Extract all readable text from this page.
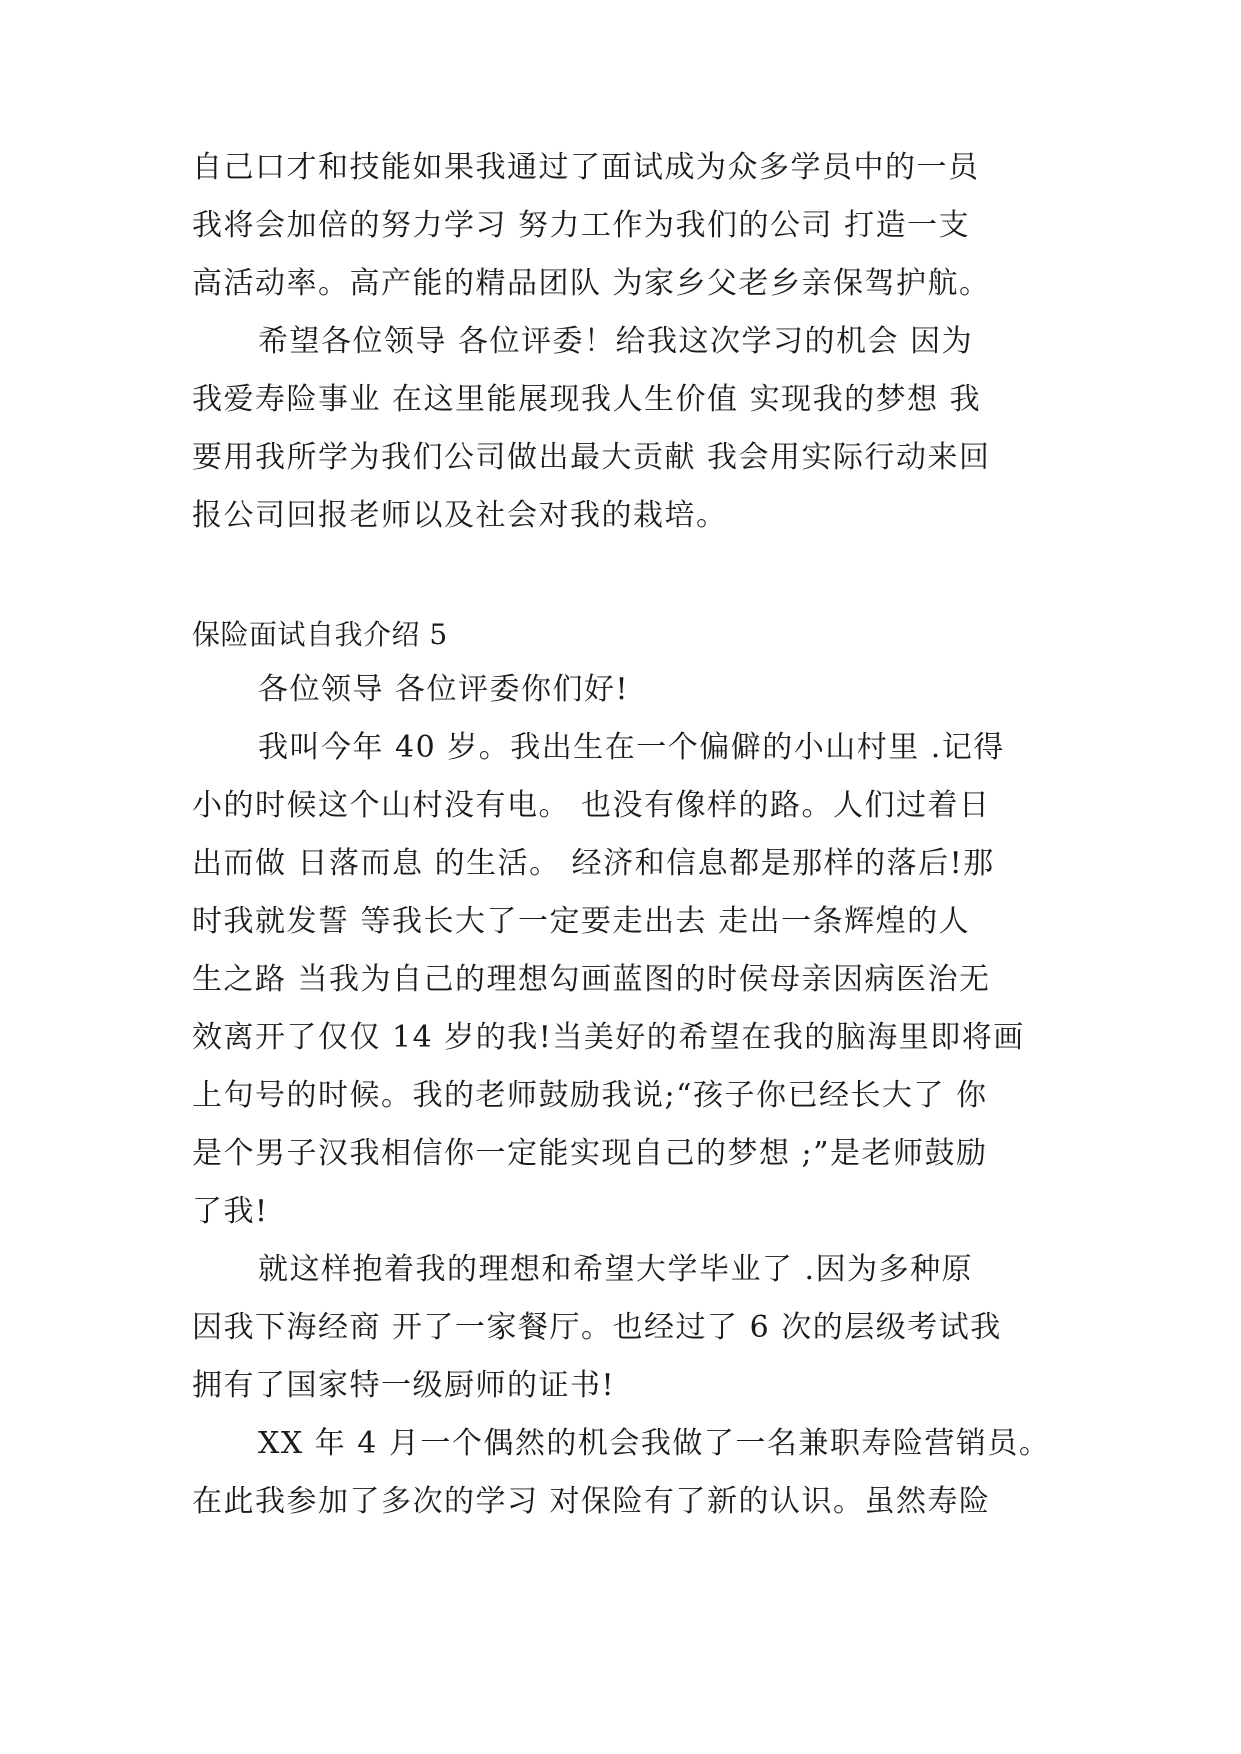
自己口才和技能如果我通过了面试成为众多学员中的一员
我将会加倍的努力学习 努力工作为我们的公司 打造一支
高活动率。高产能的精品团队 为家乡父老乡亲保驾护航。
希望各位领导 各位评委！给我这次学习的机会 因为
我爱寿险事业 在这里能展现我人生价值 实现我的梦想 我
要用我所学为我们公司做出最大贡献 我会用实际行动来回
报公司回报老师以及社会对我的栽培。
保险面试自我介绍 5
各位领导 各位评委你们好!
我叫今年 40 岁。我出生在一个偏僻的小山村里 .记得
小的时候这个山村没有电。 也没有像样的路。人们过着日
出而做 日落而息 的生活。 经济和信息都是那样的落后!那
时我就发誓 等我长大了一定要走出去 走出一条辉煌的人
生之路 当我为自己的理想勾画蓝图的时侯母亲因病医治无
效离开了仅仅 14 岁的我!当美好的希望在我的脑海里即将画
上句号的时候。我的老师鼓励我说;“孩子你已经长大了 你
是个男子汉我相信你一定能实现自己的梦想 ;”是老师鼓励
了我!
就这样抱着我的理想和希望大学毕业了 .因为多种原
因我下海经商 开了一家餐厅。也经过了 6 次的层级考试我
拥有了国家特一级厨师的证书!
XX 年 4 月一个偶然的机会我做了一名兼职寿险营销员。
在此我参加了多次的学习 对保险有了新的认识。虽然寿险
